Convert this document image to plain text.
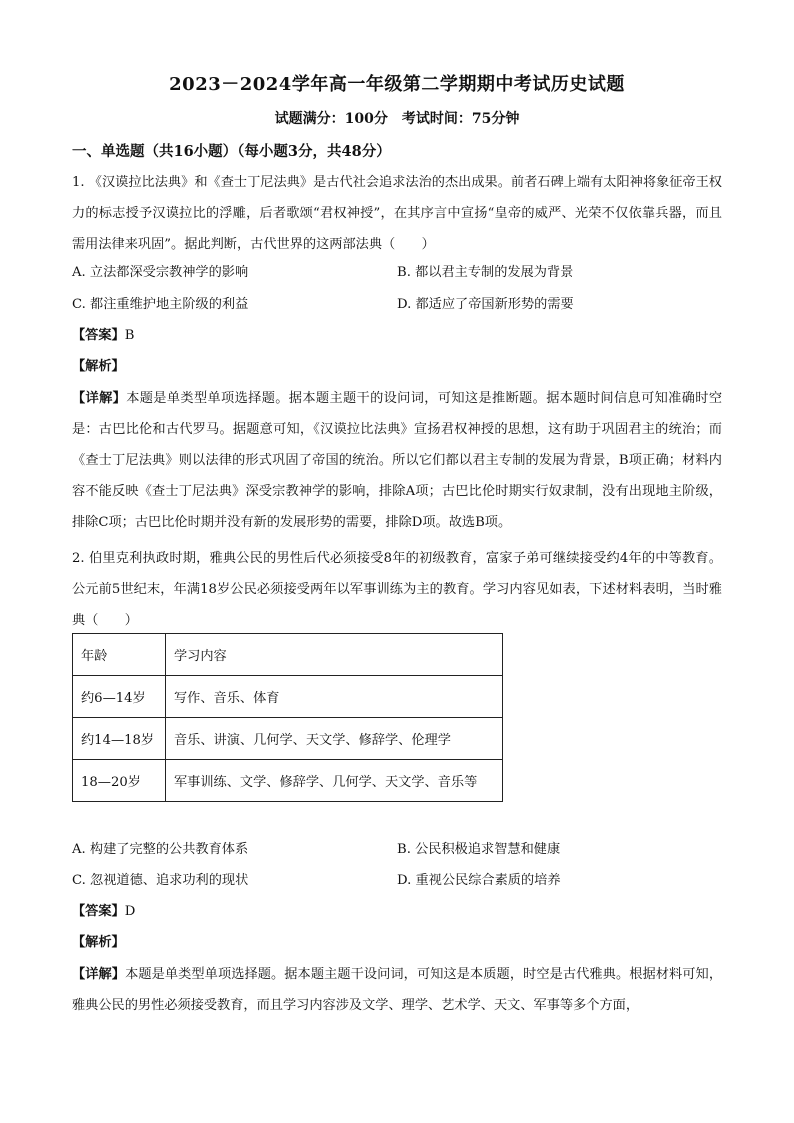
2023－2024学年高一年级第二学期期中考试历史试题
试题满分：100分　考试时间：75分钟
一、单选题（共16小题）（每小题3分，共48分）
1. 《汉谟拉比法典》和《查士丁尼法典》是古代社会追求法治的杰出成果。前者石碑上端有太阳神将象征帝王权力的标志授予汉谟拉比的浮雕，后者歌颂“君权神授”，在其序言中宣扬“皇帝的威严、光荣不仅依靠兵器，而且需用法律来巩固”。据此判断，古代世界的这两部法典（　　）
A. 立法都深受宗教神学的影响	B. 都以君主专制的发展为背景
C. 都注重维护地主阶级的利益	D. 都适应了帝国新形势的需要
【答案】B
【解析】
【详解】本题是单类型单项选择题。据本题主题干的设问词，可知这是推断题。据本题时间信息可知准确时空是：古巴比伦和古代罗马。据题意可知，《汉谟拉比法典》宣扬君权神授的思想，这有助于巩固君主的统治；而《查士丁尼法典》则以法律的形式巩固了帝国的统治。所以它们都以君主专制的发展为背景，B项正确；材料内容不能反映《查士丁尼法典》深受宗教神学的影响，排除A项；古巴比伦时期实行奴隶制，没有出现地主阶级，排除C项；古巴比伦时期并没有新的发展形势的需要，排除D项。故选B项。
2. 伯里克利执政时期，雅典公民的男性后代必须接受8年的初级教育，富家子弟可继续接受约4年的中等教育。公元前5世纪末，年满18岁公民必须接受两年以军事训练为主的教育。学习内容见如表，下述材料表明，当时雅典（　　）
年龄	学习内容
约6—14岁	写作、音乐、体育
约14—18岁	音乐、讲演、几何学、天文学、修辞学、伦理学
18—20岁	军事训练、文学、修辞学、几何学、天文学、音乐等
A. 构建了完整的公共教育体系	B. 公民积极追求智慧和健康
C. 忽视道德、追求功利的现状	D. 重视公民综合素质的培养
【答案】D
【解析】
【详解】本题是单类型单项选择题。据本题主题干设问词，可知这是本质题，时空是古代雅典。根据材料可知，雅典公民的男性必须接受教育，而且学习内容涉及文学、理学、艺术学、天文、军事等多个方面，
